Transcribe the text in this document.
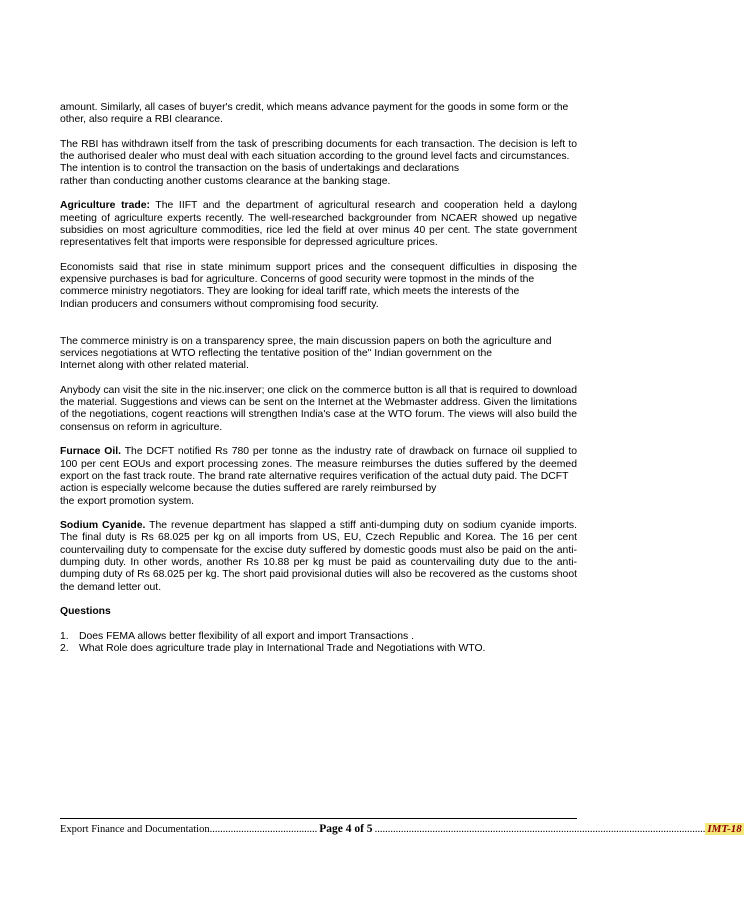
amount. Similarly, all cases of buyer's credit, which means advance payment for the goods in some form or the
other, also require a RBI clearance.

The RBI has withdrawn itself from the task of prescribing documents for each transaction. The decision is left to the authorised dealer who must deal with each situation according to the ground level facts and circumstances.
The intention is to control the transaction on the basis of undertakings and declarations
rather than conducting another customs clearance at the banking stage.

Agriculture trade: The IIFT and the department of agricultural research and cooperation held a daylong meeting of agriculture experts recently. The well-researched backgrounder from NCAER showed up negative subsidies on most agriculture commodities, rice led the field at over minus 40 per cent. The state government representatives felt that imports were responsible for depressed agriculture prices.

Economists said that rise in state minimum support prices and the consequent difficulties in disposing the expensive purchases is bad for agriculture. Concerns of good security were topmost in the minds of the
commerce ministry negotiators. They are looking for ideal tariff rate, which meets the interests of the
Indian producers and consumers without compromising food security.

The commerce ministry is on a transparency spree, the main discussion papers on both the agriculture and
services negotiations at WTO reflecting the tentative position of the" Indian government on the
Internet along with other related material.

Anybody can visit the site in the nic.inserver; one click on the commerce button is all that is required to download the material. Suggestions and views can be sent on the Internet at the Webmaster address. Given the limitations of the negotiations, cogent reactions will strengthen India's case at the WTO forum. The views will also build the consensus on reform in agriculture.

Furnace Oil. The DCFT notified Rs 780 per tonne as the industry rate of drawback on furnace oil supplied to 100 per cent EOUs and export processing zones. The measure reimburses the duties suffered by the deemed export on the fast track route. The brand rate alternative requires verification of the actual duty paid. The DCFT
action is especially welcome because the duties suffered are rarely reimbursed by
the export promotion system.

Sodium Cyanide. The revenue department has slapped a stiff anti-dumping duty on sodium cyanide imports. The final duty is Rs 68.025 per kg on all imports from US, EU, Czech Republic and Korea. The 16 per cent countervailing duty to compensate for the excise duty suffered by domestic goods must also be paid on the anti-dumping duty. In other words, another Rs 10.88 per kg must be paid as countervailing duty due to the anti-dumping duty of Rs 68.025 per kg. The short paid provisional duties will also be recovered as the customs shoot the demand letter out.

Questions
1. Does FEMA allows better flexibility of all export and import Transactions .
2. What Role does agriculture trade play in International Trade and Negotiations with WTO.
Export Finance and Documentation. ........................................ Page 4 of 5 .............................................................................................................................. IMT-18
